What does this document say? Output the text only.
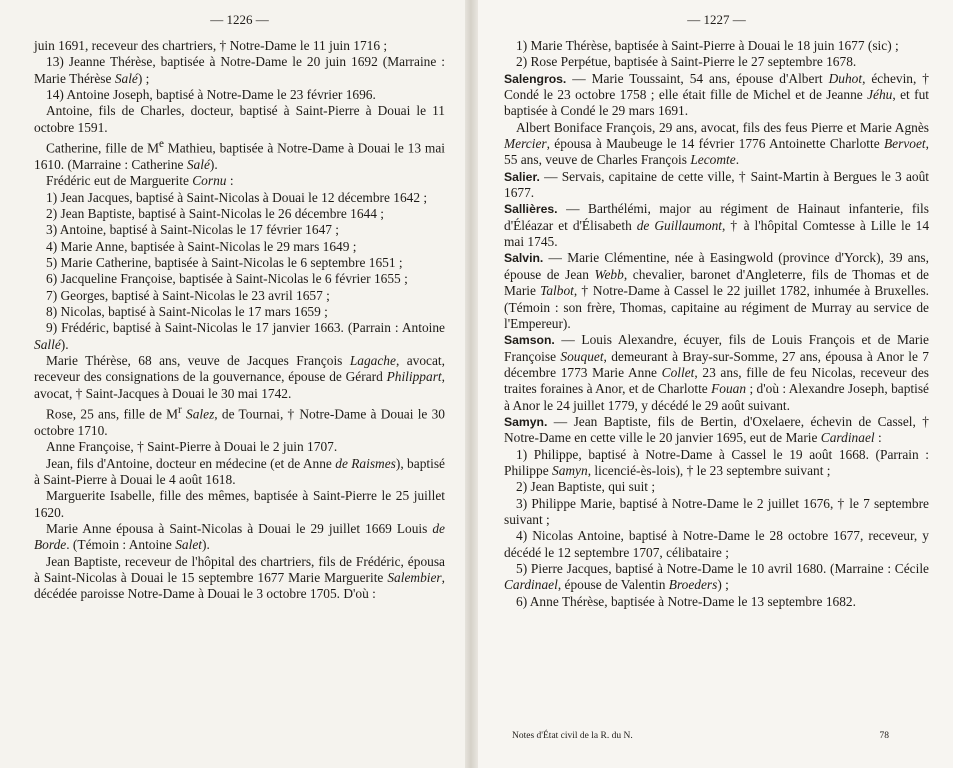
— 1226 —
juin 1691, receveur des chartriers, † Notre-Dame le 11 juin 1716 ;
13) Jeanne Thérèse, baptisée à Notre-Dame le 20 juin 1692 (Marraine : Marie Thérèse Salé) ;
14) Antoine Joseph, baptisé à Notre-Dame le 23 février 1696.
Antoine, fils de Charles, docteur, baptisé à Saint-Pierre à Douai le 11 octobre 1591.
Catherine, fille de Me Mathieu, baptisée à Notre-Dame à Douai le 13 mai 1610. (Marraine : Catherine Salé).
Frédéric eut de Marguerite Cornu :
1) Jean Jacques, baptisé à Saint-Nicolas à Douai le 12 décembre 1642 ;
2) Jean Baptiste, baptisé à Saint-Nicolas le 26 décembre 1644 ;
3) Antoine, baptisé à Saint-Nicolas le 17 février 1647 ;
4) Marie Anne, baptisée à Saint-Nicolas le 29 mars 1649 ;
5) Marie Catherine, baptisée à Saint-Nicolas le 6 septembre 1651 ;
6) Jacqueline Françoise, baptisée à Saint-Nicolas le 6 février 1655 ;
7) Georges, baptisé à Saint-Nicolas le 23 avril 1657 ;
8) Nicolas, baptisé à Saint-Nicolas le 17 mars 1659 ;
9) Frédéric, baptisé à Saint-Nicolas le 17 janvier 1663. (Parrain : Antoine Sallé).
Marie Thérèse, 68 ans, veuve de Jacques François Lagache, avocat, receveur des consignations de la gouvernance, épouse de Gérard Philippart, avocat, † Saint-Jacques à Douai le 30 mai 1742.
Rose, 25 ans, fille de $M^r$ Salez, de Tournai, † Notre-Dame à Douai le 30 octobre 1710.
Anne Françoise, † Saint-Pierre à Douai le 2 juin 1707.
Jean, fils d'Antoine, docteur en médecine (et de Anne de Raismes), baptisé à Saint-Pierre à Douai le 4 août 1618.
Marguerite Isabelle, fille des mêmes, baptisée à Saint-Pierre le 25 juillet 1620.
Marie Anne épousa à Saint-Nicolas à Douai le 29 juillet 1669 Louis de Borde. (Témoin : Antoine Salet).
Jean Baptiste, receveur de l'hôpital des chartriers, fils de Frédéric, épousa à Saint-Nicolas à Douai le 15 septembre 1677 Marie Marguerite Salembier, décédée paroisse Notre-Dame à Douai le 3 octobre 1705. D'où :
— 1227 —
1) Marie Thérèse, baptisée à Saint-Pierre à Douai le 18 juin 1677 (sic) ;
2) Rose Perpétue, baptisée à Saint-Pierre le 27 septembre 1678.
Salengros. — Marie Toussaint, 54 ans, épouse d'Albert Duhot, échevin, † Condé le 23 octobre 1758 ; elle était fille de Michel et de Jeanne Jéhu, et fut baptisée à Condé le 29 mars 1691.
Albert Boniface François, 29 ans, avocat, fils des feus Pierre et Marie Agnès Mercier, épousa à Maubeuge le 14 février 1776 Antoinette Charlotte Bervoet, 55 ans, veuve de Charles François Lecomte.
Salier. — Servais, capitaine de cette ville, † Saint-Martin à Bergues le 3 août 1677.
Sallières. — Barthélémi, major au régiment de Hainaut infanterie, fils d'Éléazar et d'Élisabeth de Guillaumont, † à l'hôpital Comtesse à Lille le 14 mai 1745.
Salvin. — Marie Clémentine, née à Easingwold (province d'Yorck), 39 ans, épouse de Jean Webb, chevalier, baronet d'Angleterre, fils de Thomas et de Marie Talbot, † Notre-Dame à Cassel le 22 juillet 1782, inhumée à Bruxelles. (Témoin : son frère, Thomas, capitaine au régiment de Murray au service de l'Empereur).
Samson. — Louis Alexandre, écuyer, fils de Louis François et de Marie Françoise Souquet, demeurant à Bray-sur-Somme, 27 ans, épousa à Anor le 7 décembre 1773 Marie Anne Collet, 23 ans, fille de feu Nicolas, receveur des traites foraines à Anor, et de Charlotte Fouan ; d'où : Alexandre Joseph, baptisé à Anor le 24 juillet 1779, y décédé le 29 août suivant.
Samyn. — Jean Baptiste, fils de Bertin, d'Oxelaere, échevin de Cassel, † Notre-Dame en cette ville le 20 janvier 1695, eut de Marie Cardinael :
1) Philippe, baptisé à Notre-Dame à Cassel le 19 août 1668. (Parrain : Philippe Samyn, licencié-ès-lois), † le 23 septembre suivant ;
2) Jean Baptiste, qui suit ;
3) Philippe Marie, baptisé à Notre-Dame le 2 juillet 1676, † le 7 septembre suivant ;
4) Nicolas Antoine, baptisé à Notre-Dame le 28 octobre 1677, receveur, y décédé le 12 septembre 1707, célibataire ;
5) Pierre Jacques, baptisé à Notre-Dame le 10 avril 1680. (Marraine : Cécile Cardinael, épouse de Valentin Broeders) ;
6) Anne Thérèse, baptisée à Notre-Dame le 13 septembre 1682.
Notes d'État civil de la R. du N.	78
